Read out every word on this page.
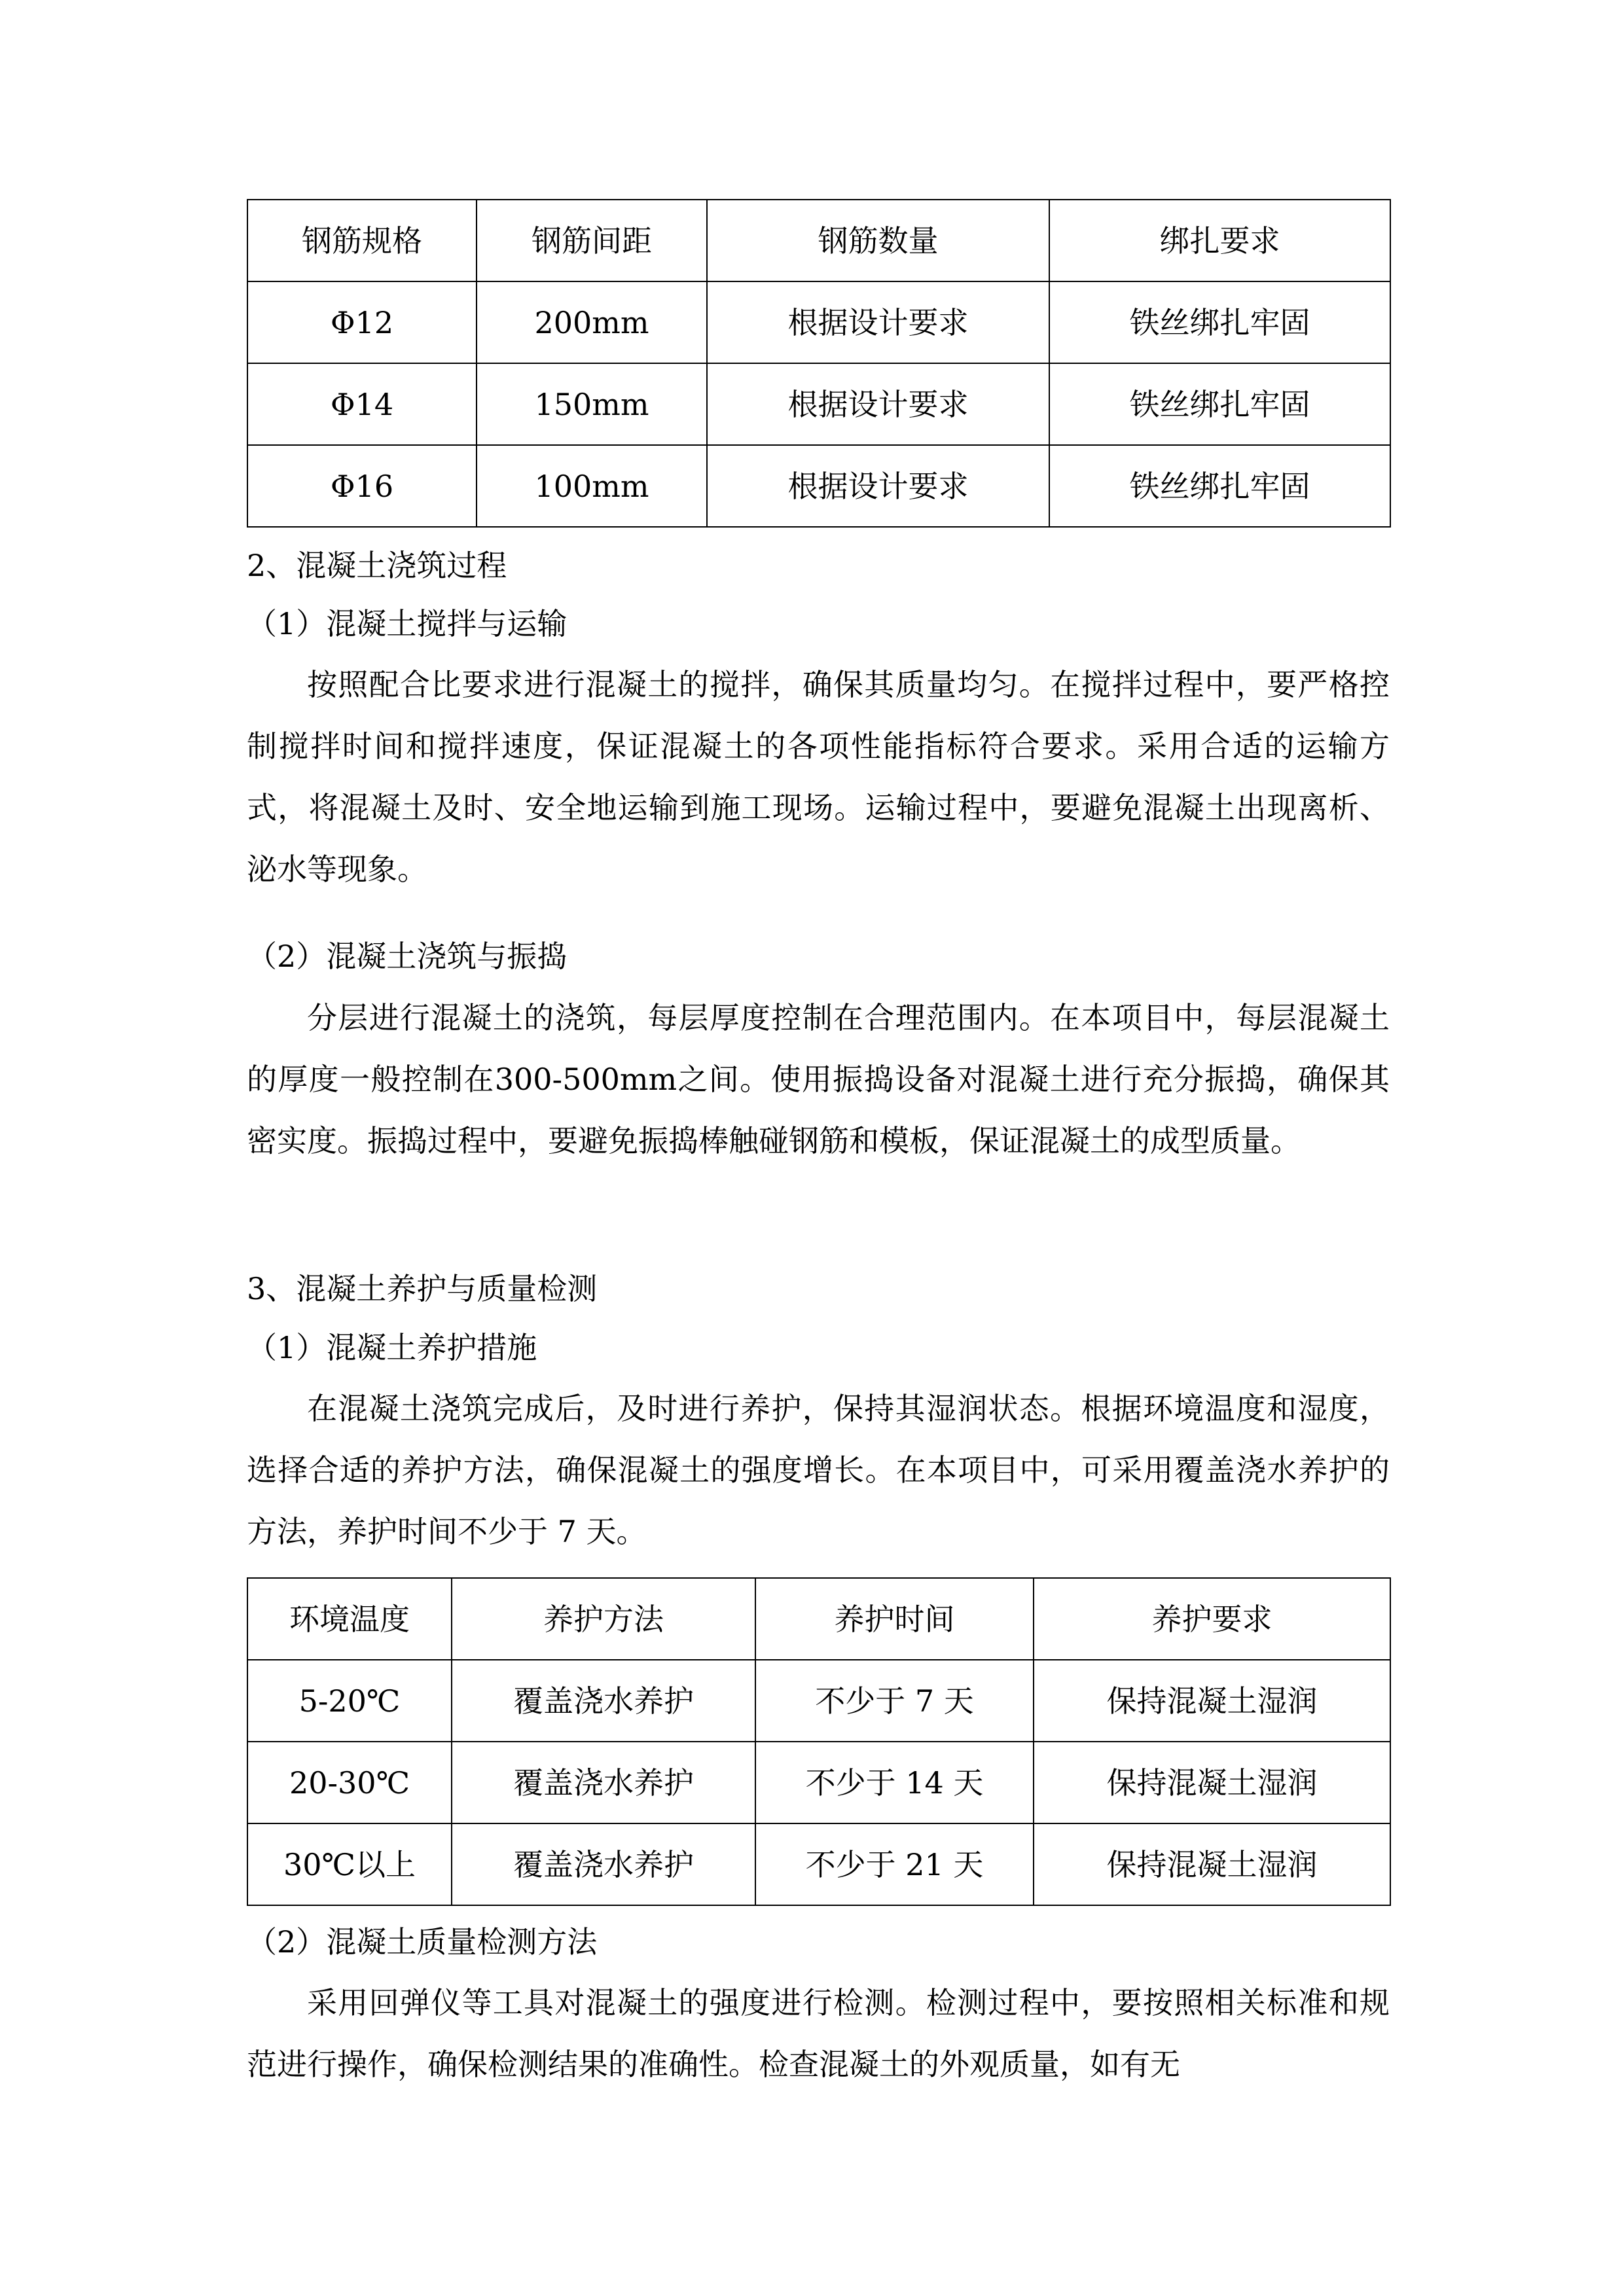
钢筋规格	钢筋间距	钢筋数量	绑扎要求
Φ12	200mm	根据设计要求	铁丝绑扎牢固
Φ14	150mm	根据设计要求	铁丝绑扎牢固
Φ16	100mm	根据设计要求	铁丝绑扎牢固
2、混凝土浇筑过程
（1）混凝土搅拌与运输

按照配合比要求进行混凝土的搅拌，确保其质量均匀。在搅拌过程中，要严格控制搅拌时间和搅拌速度，保证混凝土的各项性能指标符合要求。采用合适的运输方式，将混凝土及时、安全地运输到施工现场。运输过程中，要避免混凝土出现离析、泌水等现象。

（2）混凝土浇筑与振捣

分层进行混凝土的浇筑，每层厚度控制在合理范围内。在本项目中，每层混凝土的厚度一般控制在300-500mm之间。使用振捣设备对混凝土进行充分振捣，确保其密实度。振捣过程中，要避免振捣棒触碰钢筋和模板，保证混凝土的成型质量。

3、混凝土养护与质量检测
（1）混凝土养护措施

在混凝土浇筑完成后，及时进行养护，保持其湿润状态。根据环境温度和湿度，选择合适的养护方法，确保混凝土的强度增长。在本项目中，可采用覆盖浇水养护的方法，养护时间不少于 7 天。

环境温度	养护方法	养护时间	养护要求
5-20℃	覆盖浇水养护	不少于 7 天	保持混凝土湿润
20-30℃	覆盖浇水养护	不少于 14 天	保持混凝土湿润
30℃以上	覆盖浇水养护	不少于 21 天	保持混凝土湿润
（2）混凝土质量检测方法

采用回弹仪等工具对混凝土的强度进行检测。检测过程中，要按照相关标准和规范进行操作，确保检测结果的准确性。检查混凝土的外观质量，如有无
